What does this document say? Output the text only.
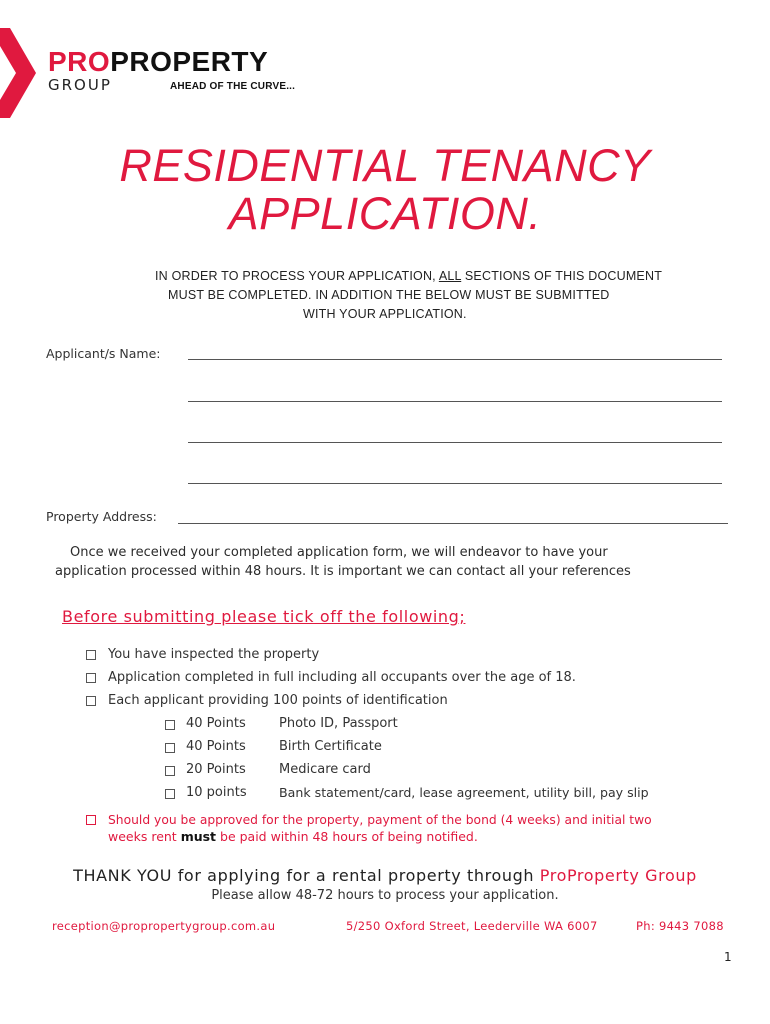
PROPROPERTY
GROUP	AHEAD OF THE CURVE...
RESIDENTIAL TENANCY
APPLICATION.
IN ORDER TO PROCESS YOUR APPLICATION, ALL SECTIONS OF THIS DOCUMENT
MUST BE COMPLETED. IN ADDITION THE BELOW MUST BE SUBMITTED
WITH YOUR APPLICATION.
Applicant/s Name:
Property Address:
Once we received your completed application form, we will endeavor to have your
application processed within 48 hours. It is important we can contact all your references
Before submitting please tick off the following;
You have inspected the property
Application completed in full including all occupants over the age of 18.
Each applicant providing 100 points of identification
40 Points	Photo ID, Passport
40 Points	Birth Certificate
20 Points	Medicare card
10 points	Bank statement/card, lease agreement, utility bill, pay slip
Should you be approved for the property, payment of the bond (4 weeks) and initial two
weeks rent must be paid within 48 hours of being notified.
THANK YOU for applying for a rental property through ProProperty Group
Please allow 48-72 hours to process your application.
reception@propropertygroup.com.au	5/250 Oxford Street, Leederville WA 6007	Ph: 9443 7088
1
